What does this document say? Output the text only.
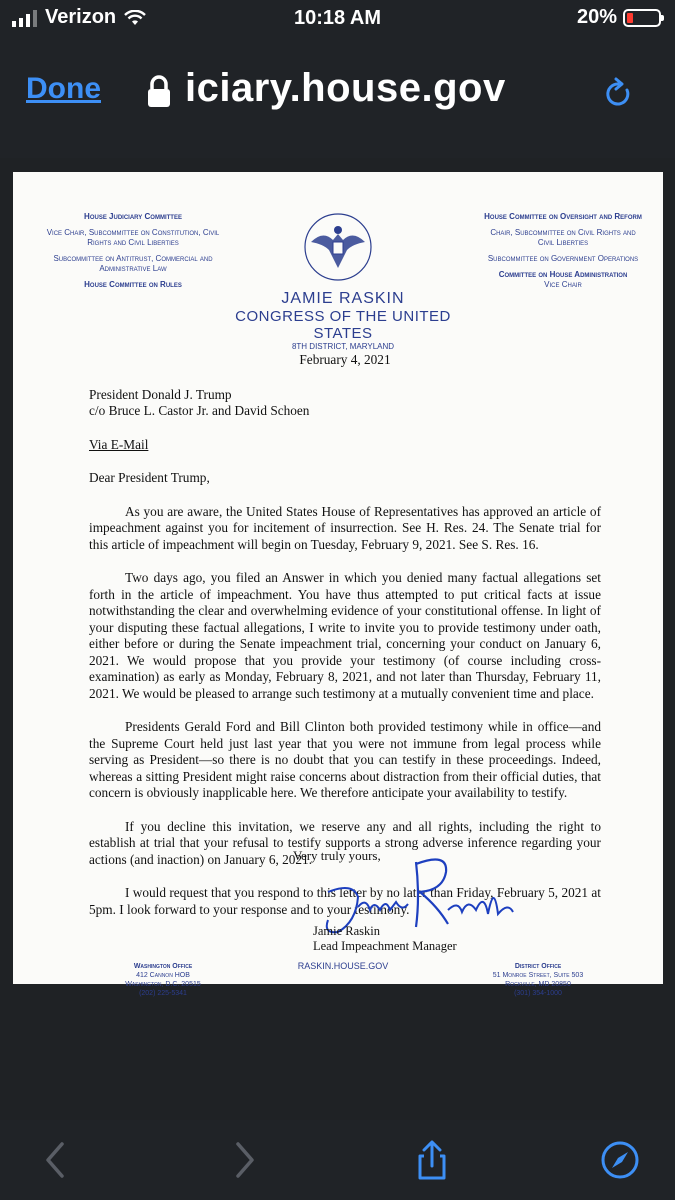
Verizon	10:18 AM	20%
Done iciary.house.gov

House Judiciary Committee

Vice Chair, Subcommittee on Constitution, Civil Rights and Civil Liberties

Subcommittee on Antitrust, Commercial and Administrative Law

House Committee on Rules

JAMIE RASKIN
CONGRESS OF THE UNITED STATES
8TH DISTRICT, MARYLAND

House Committee on Oversight and Reform

Chair, Subcommittee on Civil Rights and Civil Liberties

Subcommittee on Government Operations

Committee on House Administration

Vice Chair

February 4, 2021
President Donald J. Trump
c/o Bruce L. Castor Jr. and David Schoen
Via E-Mail
Dear President Trump,
As you are aware, the United States House of Representatives has approved an article of impeachment against you for incitement of insurrection. See H. Res. 24. The Senate trial for this article of impeachment will begin on Tuesday, February 9, 2021. See S. Res. 16.
Two days ago, you filed an Answer in which you denied many factual allegations set forth in the article of impeachment. You have thus attempted to put critical facts at issue notwithstanding the clear and overwhelming evidence of your constitutional offense. In light of your disputing these factual allegations, I write to invite you to provide testimony under oath, either before or during the Senate impeachment trial, concerning your conduct on January 6, 2021. We would propose that you provide your testimony (of course including cross-examination) as early as Monday, February 8, 2021, and not later than Thursday, February 11, 2021. We would be pleased to arrange such testimony at a mutually convenient time and place.
Presidents Gerald Ford and Bill Clinton both provided testimony while in office—and the Supreme Court held just last year that you were not immune from legal process while serving as President—so there is no doubt that you can testify in these proceedings. Indeed, whereas a sitting President might raise concerns about distraction from their official duties, that concern is obviously inapplicable here. We therefore anticipate your availability to testify.
If you decline this invitation, we reserve any and all rights, including the right to establish at trial that your refusal to testify supports a strong adverse inference regarding your actions (and inaction) on January 6, 2021.
I would request that you respond to this letter by no later than Friday, February 5, 2021 at 5pm. I look forward to your response and to your testimony.
Very truly yours,
Jamie Raskin
Lead Impeachment Manager
Washington Office
412 Cannon HOB
Washington, D.C. 20515
(202) 225-5341
RASKIN.HOUSE.GOV	District Office
51 Monroe Street, Suite 503
Rockville, MD 20850
(301) 354-1000
